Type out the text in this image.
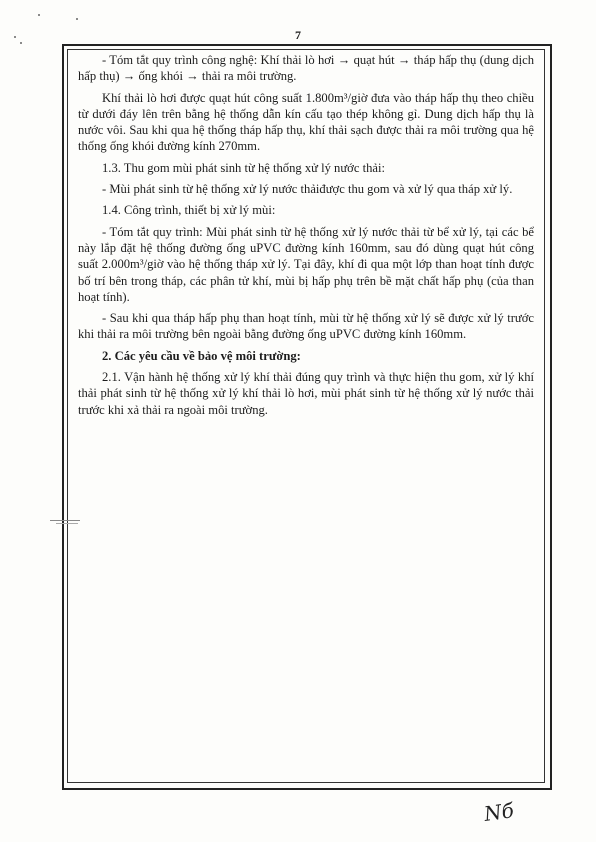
7

- Tóm tắt quy trình công nghệ: Khí thải lò hơi → quạt hút → tháp hấp thụ (dung dịch hấp thụ) → ống khói → thải ra môi trường.

Khí thải lò hơi được quạt hút công suất 1.800m³/giờ đưa vào tháp hấp thụ theo chiều từ dưới đáy lên trên bằng hệ thống dẫn kín cấu tạo thép không gỉ. Dung dịch hấp thụ là nước vôi. Sau khi qua hệ thống tháp hấp thụ, khí thải sạch được thải ra môi trường qua hệ thống ống khói đường kính 270mm.

1.3. Thu gom mùi phát sinh từ hệ thống xử lý nước thải:

- Mùi phát sinh từ hệ thống xử lý nước thảiđược thu gom và xử lý qua tháp xử lý.

1.4. Công trình, thiết bị xử lý mùi:

- Tóm tắt quy trình: Mùi phát sinh từ hệ thống xử lý nước thải từ bể xử lý, tại các bể này lắp đặt hệ thống đường ống uPVC đường kính 160mm, sau đó dùng quạt hút công suất 2.000m³/giờ vào hệ thống tháp xử lý. Tại đây, khí đi qua một lớp than hoạt tính được bố trí bên trong tháp, các phân tử khí, mùi bị hấp phụ trên bề mặt chất hấp phụ (của than hoạt tính).

- Sau khi qua tháp hấp phụ than hoạt tính, mùi từ hệ thống xử lý sẽ được xử lý trước khi thải ra môi trường bên ngoài bằng đường ống uPVC đường kính 160mm.

2. Các yêu cầu về bảo vệ môi trường:

2.1. Vận hành hệ thống xử lý khí thải đúng quy trình và thực hiện thu gom, xử lý khí thải phát sinh từ hệ thống xử lý khí thải lò hơi, mùi phát sinh từ hệ thống xử lý nước thải trước khi xả thải ra ngoài môi trường.

Nб
